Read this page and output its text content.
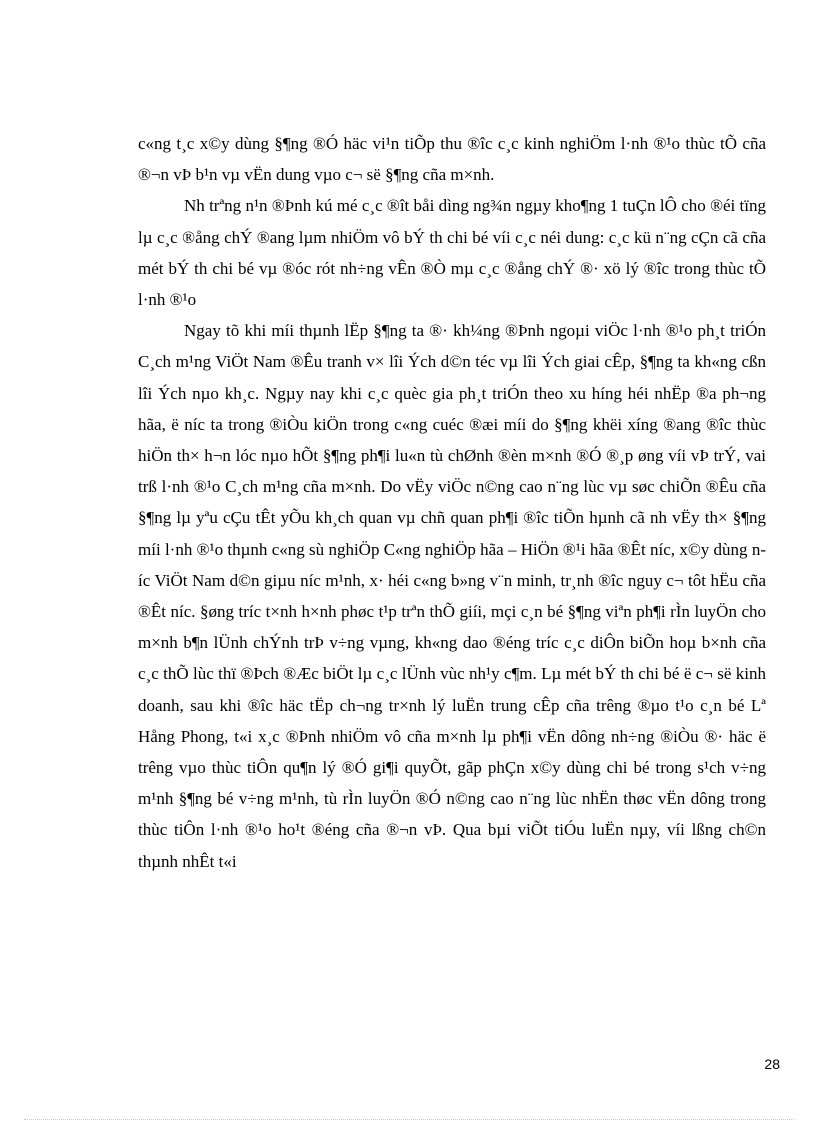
c«ng t¸c x©y dùng §¶ng ®Ó häc vi¹n tiÕp thu ®îc c¸c kinh nghiÖm l·nh ®¹o thùc tÕ cña ®¬n vÞ b¹n vµ vËn dung vµo c¬ së §¶ng cña m×nh.

Nh trªng n¹n ®Þnh kú mé c¸c ®ît båi dìng ng¾n ngµy kho¶ng 1 tuÇn lÔ cho ®éi tïng lµ c¸c ®ång chÝ ®ang lµm nhiÖm vô bÝ th chi bé víi c¸c néi dung: c¸c kü n¨ng cÇn cã cña mét bÝ th chi bé vµ ®óc rót nh÷ng vÊn ®Ò mµ c¸c ®ång chÝ ®· xö lý ®îc trong thùc tÕ l·nh ®¹o

Ngay tõ khi míi thµnh lËp §¶ng ta ®· kh¼ng ®Þnh ngoµi viÖc l·nh ®¹o ph¸t triÓn C¸ch m¹ng ViÖt Nam ®Êu tranh v× lîi Ých d©n téc vµ lîi Ých giai cÊp, §¶ng ta kh«ng cßn lîi Ých nµo kh¸c. Ngµy nay khi c¸c quèc gia ph¸t triÓn theo xu híng héi nhËp ®a ph¬ng hãa, ë níc ta trong ®iÒu kiÖn trong c«ng cuéc ®æi míi do §¶ng khëi xíng ®ang ®îc thùc hiÖn th× h¬n lóc nµo hÕt §¶ng ph¶i lu«n tù chØnh ®èn m×nh ®Ó ®¸p øng víi vÞ trÝ, vai trß l·nh ®¹o C¸ch m¹ng cña m×nh. Do vËy viÖc n©ng cao n¨ng lùc vµ søc chiÕn ®Êu cña §¶ng lµ yªu cÇu tÊt yÕu kh¸ch quan vµ chñ quan ph¶i ®îc tiÕn hµnh cã nh vËy th× §¶ng míi l·nh ®¹o thµnh c«ng sù nghiÖp C«ng nghiÖp hãa – HiÖn ®¹i hãa ®Êt níc, x©y dùng níc ViÖt Nam d©n giµu níc m¹nh, x· héi c«ng b»ng v¨n minh, tr¸nh ®îc nguy c¬ tôt hËu cña ®Êt níc. §øng tríc t×nh h×nh phøc t¹p trªn thÕ giíi, mçi c¸n bé §¶ng viªn ph¶i rÌn luyÖn cho m×nh b¶n lÜnh chÝnh trÞ v÷ng vµng, kh«ng dao ®éng tríc c¸c diÔn biÕn hoµ b×nh cña c¸c thÕ lùc thï ®Þch ®Æc biÖt lµ c¸c lÜnh vùc nh¹y c¶m. Lµ mét bÝ th chi bé ë c¬ së kinh doanh, sau khi ®îc häc tËp ch¬ng tr×nh lý luËn trung cÊp cña trêng ®µo t¹o c¸n bé Lª Hång Phong, t«i x¸c ®Þnh nhiÖm vô cña m×nh lµ ph¶i vËn dông nh÷ng ®iÒu ®· häc ë trêng vµo thùc tiÔn qu¶n lý ®Ó gi¶i quyÕt, gãp phÇn x©y dùng chi bé trong s¹ch v÷ng m¹nh §¶ng bé v÷ng m¹nh, tù rÌn luyÖn ®Ó n©ng cao n¨ng lùc nhËn thøc vËn dông trong thùc tiÔn l·nh ®¹o ho¹t ®éng cña ®¬n vÞ. Qua bµi viÕt tiÓu luËn nµy, víi lßng ch©n thµnh nhÊt t«i

28
